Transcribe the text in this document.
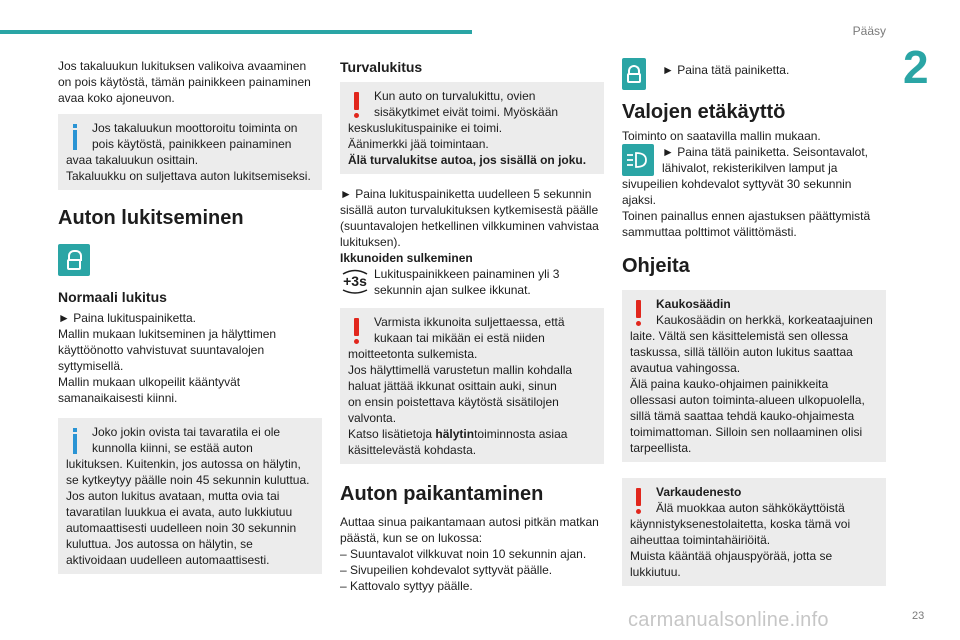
Pääsy
2

Jos takaluukun lukituksen valikoiva avaaminen on pois käytöstä, tämän painikkeen painaminen avaa koko ajoneuvon.

Jos takaluukun moottoroitu toiminta on
pois käytöstä, painikkeen painaminen
avaa takaluukun osittain.
Takaluukku on suljettava auton lukitsemiseksi.
Auton lukitseminen
Normaali lukitus

► Paina lukituspainiketta.

Mallin mukaan lukitseminen ja hälyttimen

käyttöönotto vahvistuvat suuntavalojen

syttymisellä.

Mallin mukaan ulkopeilit kääntyvät

samanaikaisesti kiinni.

Joko jokin ovista tai tavaratila ei ole
kunnolla kiinni, se estää auton
lukituksen. Kuitenkin, jos autossa on hälytin,
se kytkeytyy päälle noin 45 sekunnin kuluttua.
Jos auton lukitus avataan, mutta ovia tai
tavaratilan luukkua ei avata, auto lukkiutuu
automaattisesti uudelleen noin 30 sekunnin
kuluttua. Jos autossa on hälytin, se
aktivoidaan uudelleen automaattisesti.
Turvalukitus
Kun auto on turvalukittu, ovien
sisäkytkimet eivät toimi. Myöskään
keskuslukituspainike ei toimi.
Äänimerkki jää toimintaan.
Älä turvalukitse autoa, jos sisällä on joku.

► Paina lukituspainiketta uudelleen 5 sekunnin

sisällä auton turvalukituksen kytkemisestä päälle

(suuntavalojen hetkellinen vilkkuminen vahvistaa

lukituksen).

Ikkunoiden sulkeminen

+3s Lukituspainikkeen painaminen yli 3

sekunnin ajan sulkee ikkunat.

Varmista ikkunoita suljettaessa, että
kukaan tai mikään ei estä niiden
moitteetonta sulkemista.
Jos hälyttimellä varustetun mallin kohdalla
haluat jättää ikkunat osittain auki, sinun
on ensin poistettava käytöstä sisätilojen
valvonta.
Katso lisätietoja hälytintoiminnosta asiaa
käsittelevästä kohdasta.
Auton paikantaminen

Auttaa sinua paikantamaan autosi pitkän matkan

päästä, kun se on lukossa:

– Suuntavalot vilkkuvat noin 10 sekunnin ajan.

– Sivupeilien kohdevalot syttyvät päälle.

– Kattovalo syttyy päälle.

► Paina tätä painiketta.

Valojen etäkäyttö

Toiminto on saatavilla mallin mukaan.

► Paina tätä painiketta. Seisontavalot,

lähivalot, rekisterikilven lamput ja

sivupeilien kohdevalot syttyvät 30 sekunnin

ajaksi.

Toinen painallus ennen ajastuksen päättymistä

sammuttaa polttimot välittömästi.

Ohjeita
Kaukosäädin
Kaukosäädin on herkkä, korkeataajuinen
laite. Vältä sen käsittelemistä sen ollessa
taskussa, sillä tällöin auton lukitus saattaa
avautua vahingossa.
Älä paina kauko-ohjaimen painikkeita
ollessasi auton toiminta-alueen ulkopuolella,
sillä tämä saattaa tehdä kauko-ohjaimesta
toimimattoman. Silloin sen nollaaminen olisi
tarpeellista.
Varkaudenesto
Älä muokkaa auton sähkökäyttöistä
käynnistyksenestolaitetta, koska tämä voi
aiheuttaa toimintahäiriöitä.
Muista kääntää ohjauspyörää, jotta se
lukkiutuu.
carmanualsonline.info	23
